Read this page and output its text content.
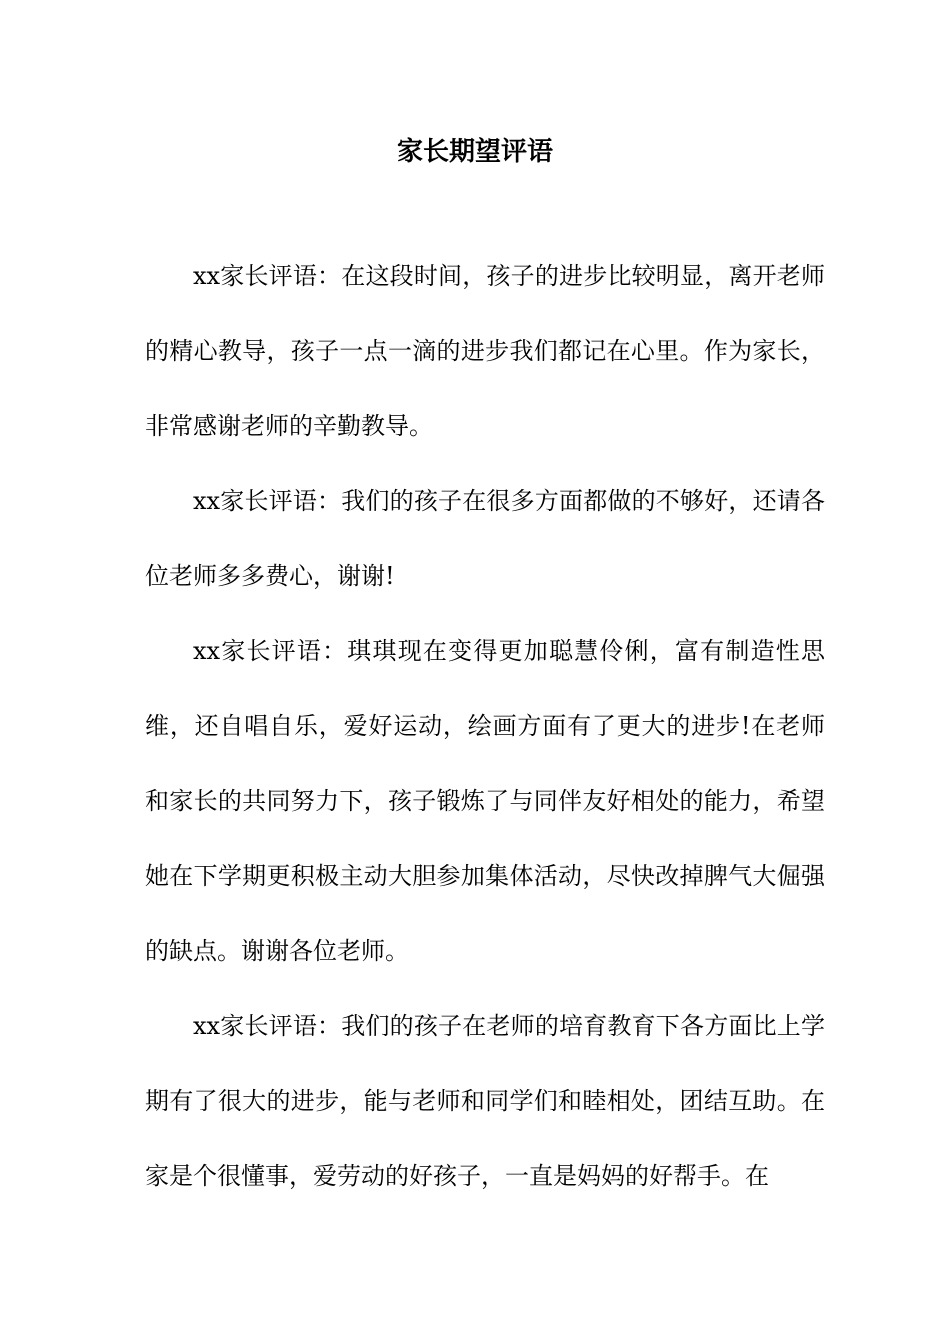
家长期望评语

xx家长评语：在这段时间，孩子的进步比较明显，离开老师的精心教导，孩子一点一滴的进步我们都记在心里。作为家长，非常感谢老师的辛勤教导。

xx家长评语：我们的孩子在很多方面都做的不够好，还请各位老师多多费心，谢谢!

xx家长评语：琪琪现在变得更加聪慧伶俐，富有制造性思维，还自唱自乐，爱好运动，绘画方面有了更大的进步!在老师和家长的共同努力下，孩子锻炼了与同伴友好相处的能力，希望她在下学期更积极主动大胆参加集体活动，尽快改掉脾气大倔强的缺点。谢谢各位老师。

xx家长评语：我们的孩子在老师的培育教育下各方面比上学期有了很大的进步，能与老师和同学们和睦相处，团结互助。在家是个很懂事，爱劳动的好孩子，一直是妈妈的好帮手。在
